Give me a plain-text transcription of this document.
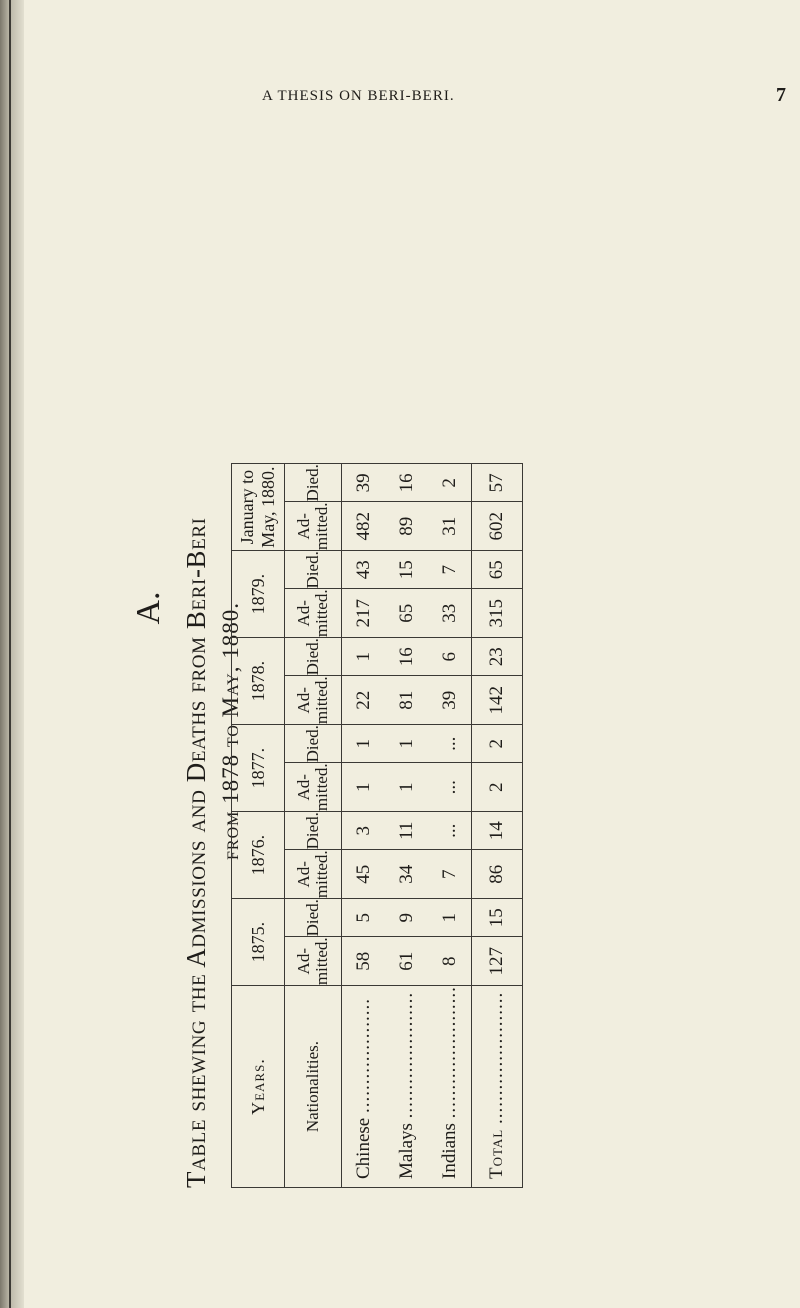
A THESIS ON BERI-BERI.	7
A. Table shewing the Admissions and Deaths from Beri-Beri from 1878 to May, 1880.
Years.	1875.		1876.		1877.		1878.		1879.		January to May, 1880.	
Nationalities.	Ad-mitted.	Died.	Ad-mitted.	Died.	Ad-mitted.	Died.	Ad-mitted.	Died.	Ad-mitted.	Died.	Ad-mitted.	Died.
Chinese ....................	58	5	45	3	1	1	22	1	217	43	482	39
Malays ......................	61	9	34	11	1	1	81	16	65	15	89	16
Indians .......................	8	1	7	...	...	...	39	6	33	7	31	2
Total .......................	127	15	86	14	2	2	142	23	315	65	602	57
